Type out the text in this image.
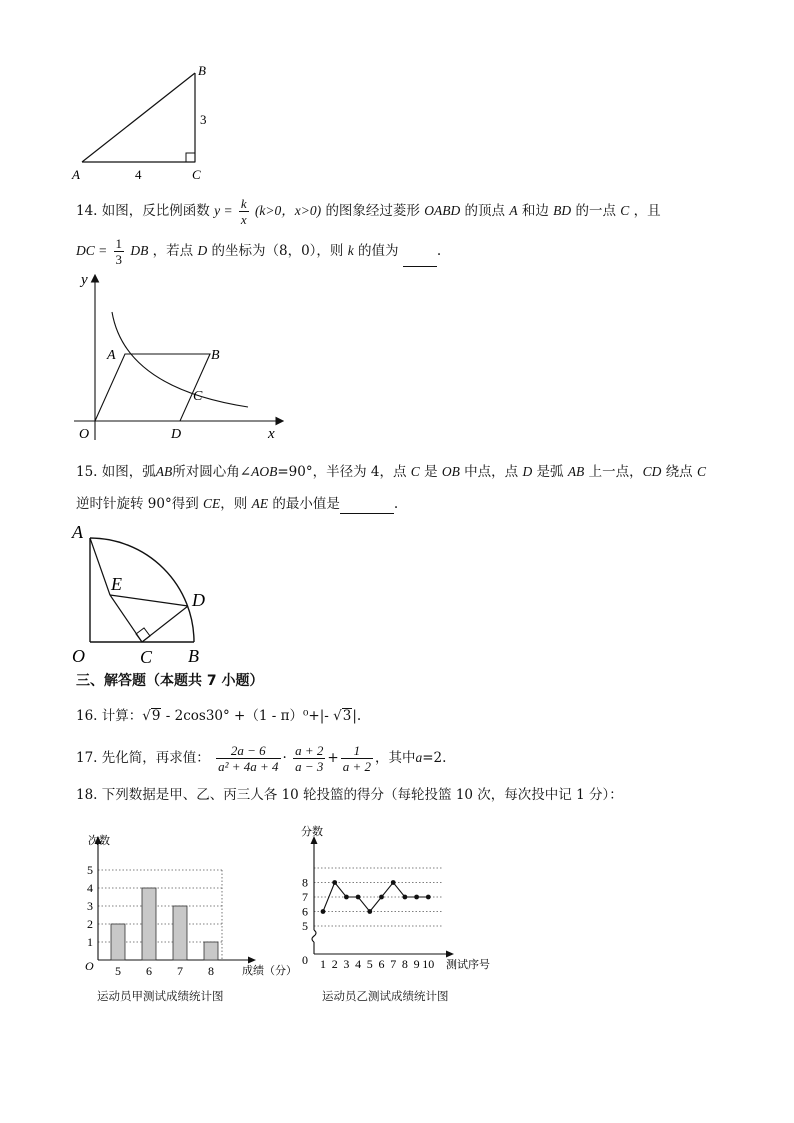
B
3
A	4	C
14. 如图，反比例函数 $y = \frac{k}{x} (k>0$，x>0) 的图象经过菱形 OABD 的顶点 A 和边 BD 的一点 C ，且
DC = $\frac{1}{3}$ DB ，若点 D 的坐标为（8，0），则 k 的值为	.
y
A	B
C
O	D	x
15. 如图，弧AB所对圆心角∠AOB=90°，半径为 4，点 C 是 OB 中点，点 D 是弧 AB 上一点，CD 绕点 C
逆时针旋转 90°得到 CE，则 AE 的最小值是	.
A
E
D
O	C B
三、解答题（本题共 7 小题）
16. 计算：√9 - 2cos30° +（1 - π）⁰+|- √3|.
17. 先化简，再求值： $\frac{2a - 6}{\text{a² + 4a + 4}} \cdot \frac{a + 2}{a - 3} + \frac{1}{a + 2}$ ，其中a=2.
18. 下列数据是甲、乙、丙三人各 10 轮投篮的得分（每轮投篮 10 次，每次投中记 1 分）：
1
2
3
4
5
次数
O	成绩（分）
5 6 7 8
运动员甲测试成绩统计图
5
6
7
8
分数
0	测试序号
1 2 3 4 5 6 7 8 9 10
运动员乙测试成绩统计图
